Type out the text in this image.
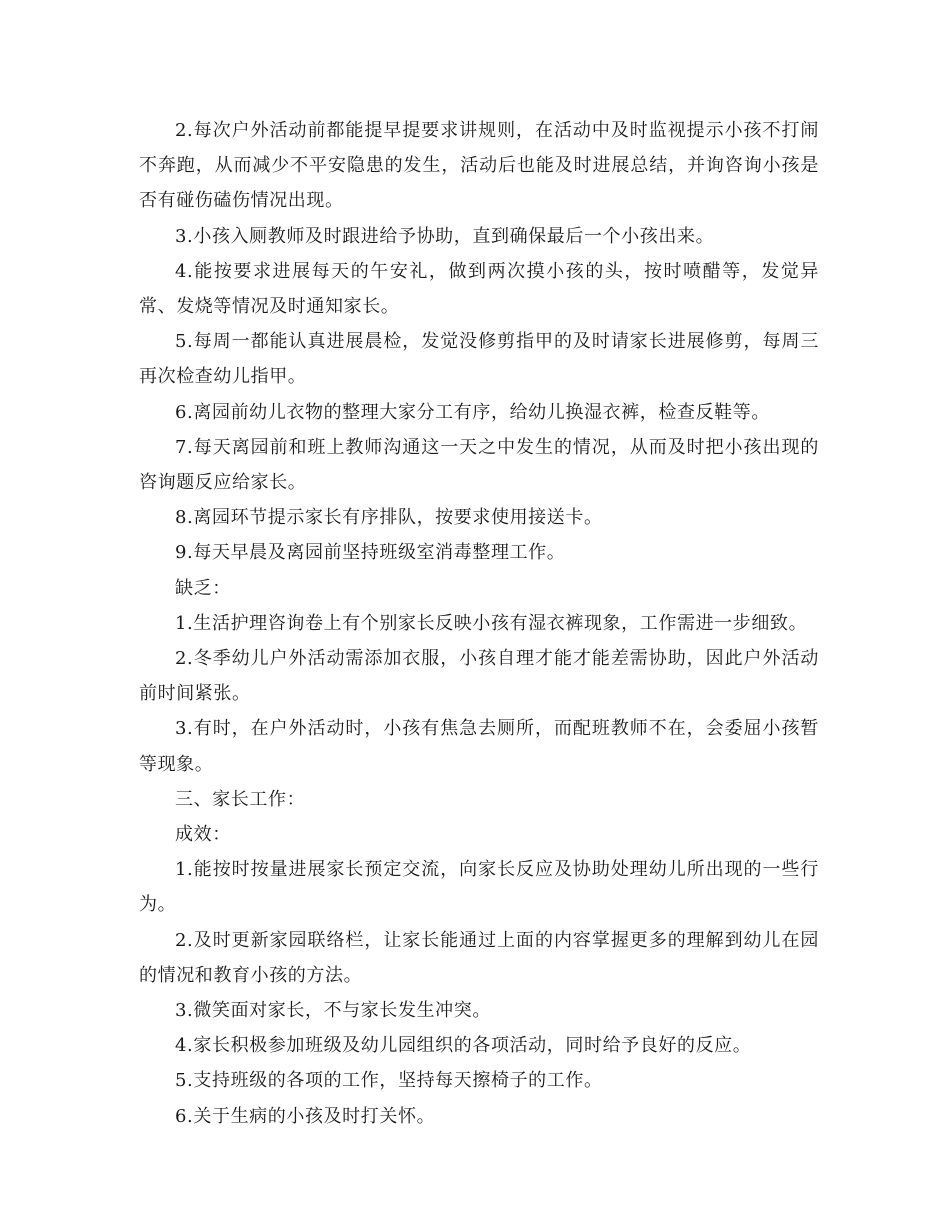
2.每次户外活动前都能提早提要求讲规则，在活动中及时监视提示小孩不打闹不奔跑，从而减少不平安隐患的发生，活动后也能及时进展总结，并询咨询小孩是否有碰伤磕伤情况出现。

3.小孩入厕教师及时跟进给予协助，直到确保最后一个小孩出来。

4.能按要求进展每天的午安礼，做到两次摸小孩的头，按时喷醋等，发觉异常、发烧等情况及时通知家长。

5.每周一都能认真进展晨检，发觉没修剪指甲的及时请家长进展修剪，每周三再次检查幼儿指甲。

6.离园前幼儿衣物的整理大家分工有序，给幼儿换湿衣裤，检查反鞋等。

7.每天离园前和班上教师沟通这一天之中发生的情况，从而及时把小孩出现的咨询题反应给家长。

8.离园环节提示家长有序排队，按要求使用接送卡。

9.每天早晨及离园前坚持班级室消毒整理工作。

缺乏：

1.生活护理咨询卷上有个别家长反映小孩有湿衣裤现象，工作需进一步细致。

2.冬季幼儿户外活动需添加衣服，小孩自理才能才能差需协助，因此户外活动前时间紧张。

3.有时，在户外活动时，小孩有焦急去厕所，而配班教师不在，会委屈小孩暂等现象。

三、家长工作：

成效：

1.能按时按量进展家长预定交流，向家长反应及协助处理幼儿所出现的一些行为。

2.及时更新家园联络栏，让家长能通过上面的内容掌握更多的理解到幼儿在园的情况和教育小孩的方法。

3.微笑面对家长，不与家长发生冲突。

4.家长积极参加班级及幼儿园组织的各项活动，同时给予良好的反应。

5.支持班级的各项的工作，坚持每天擦椅子的工作。

6.关于生病的小孩及时打关怀。
